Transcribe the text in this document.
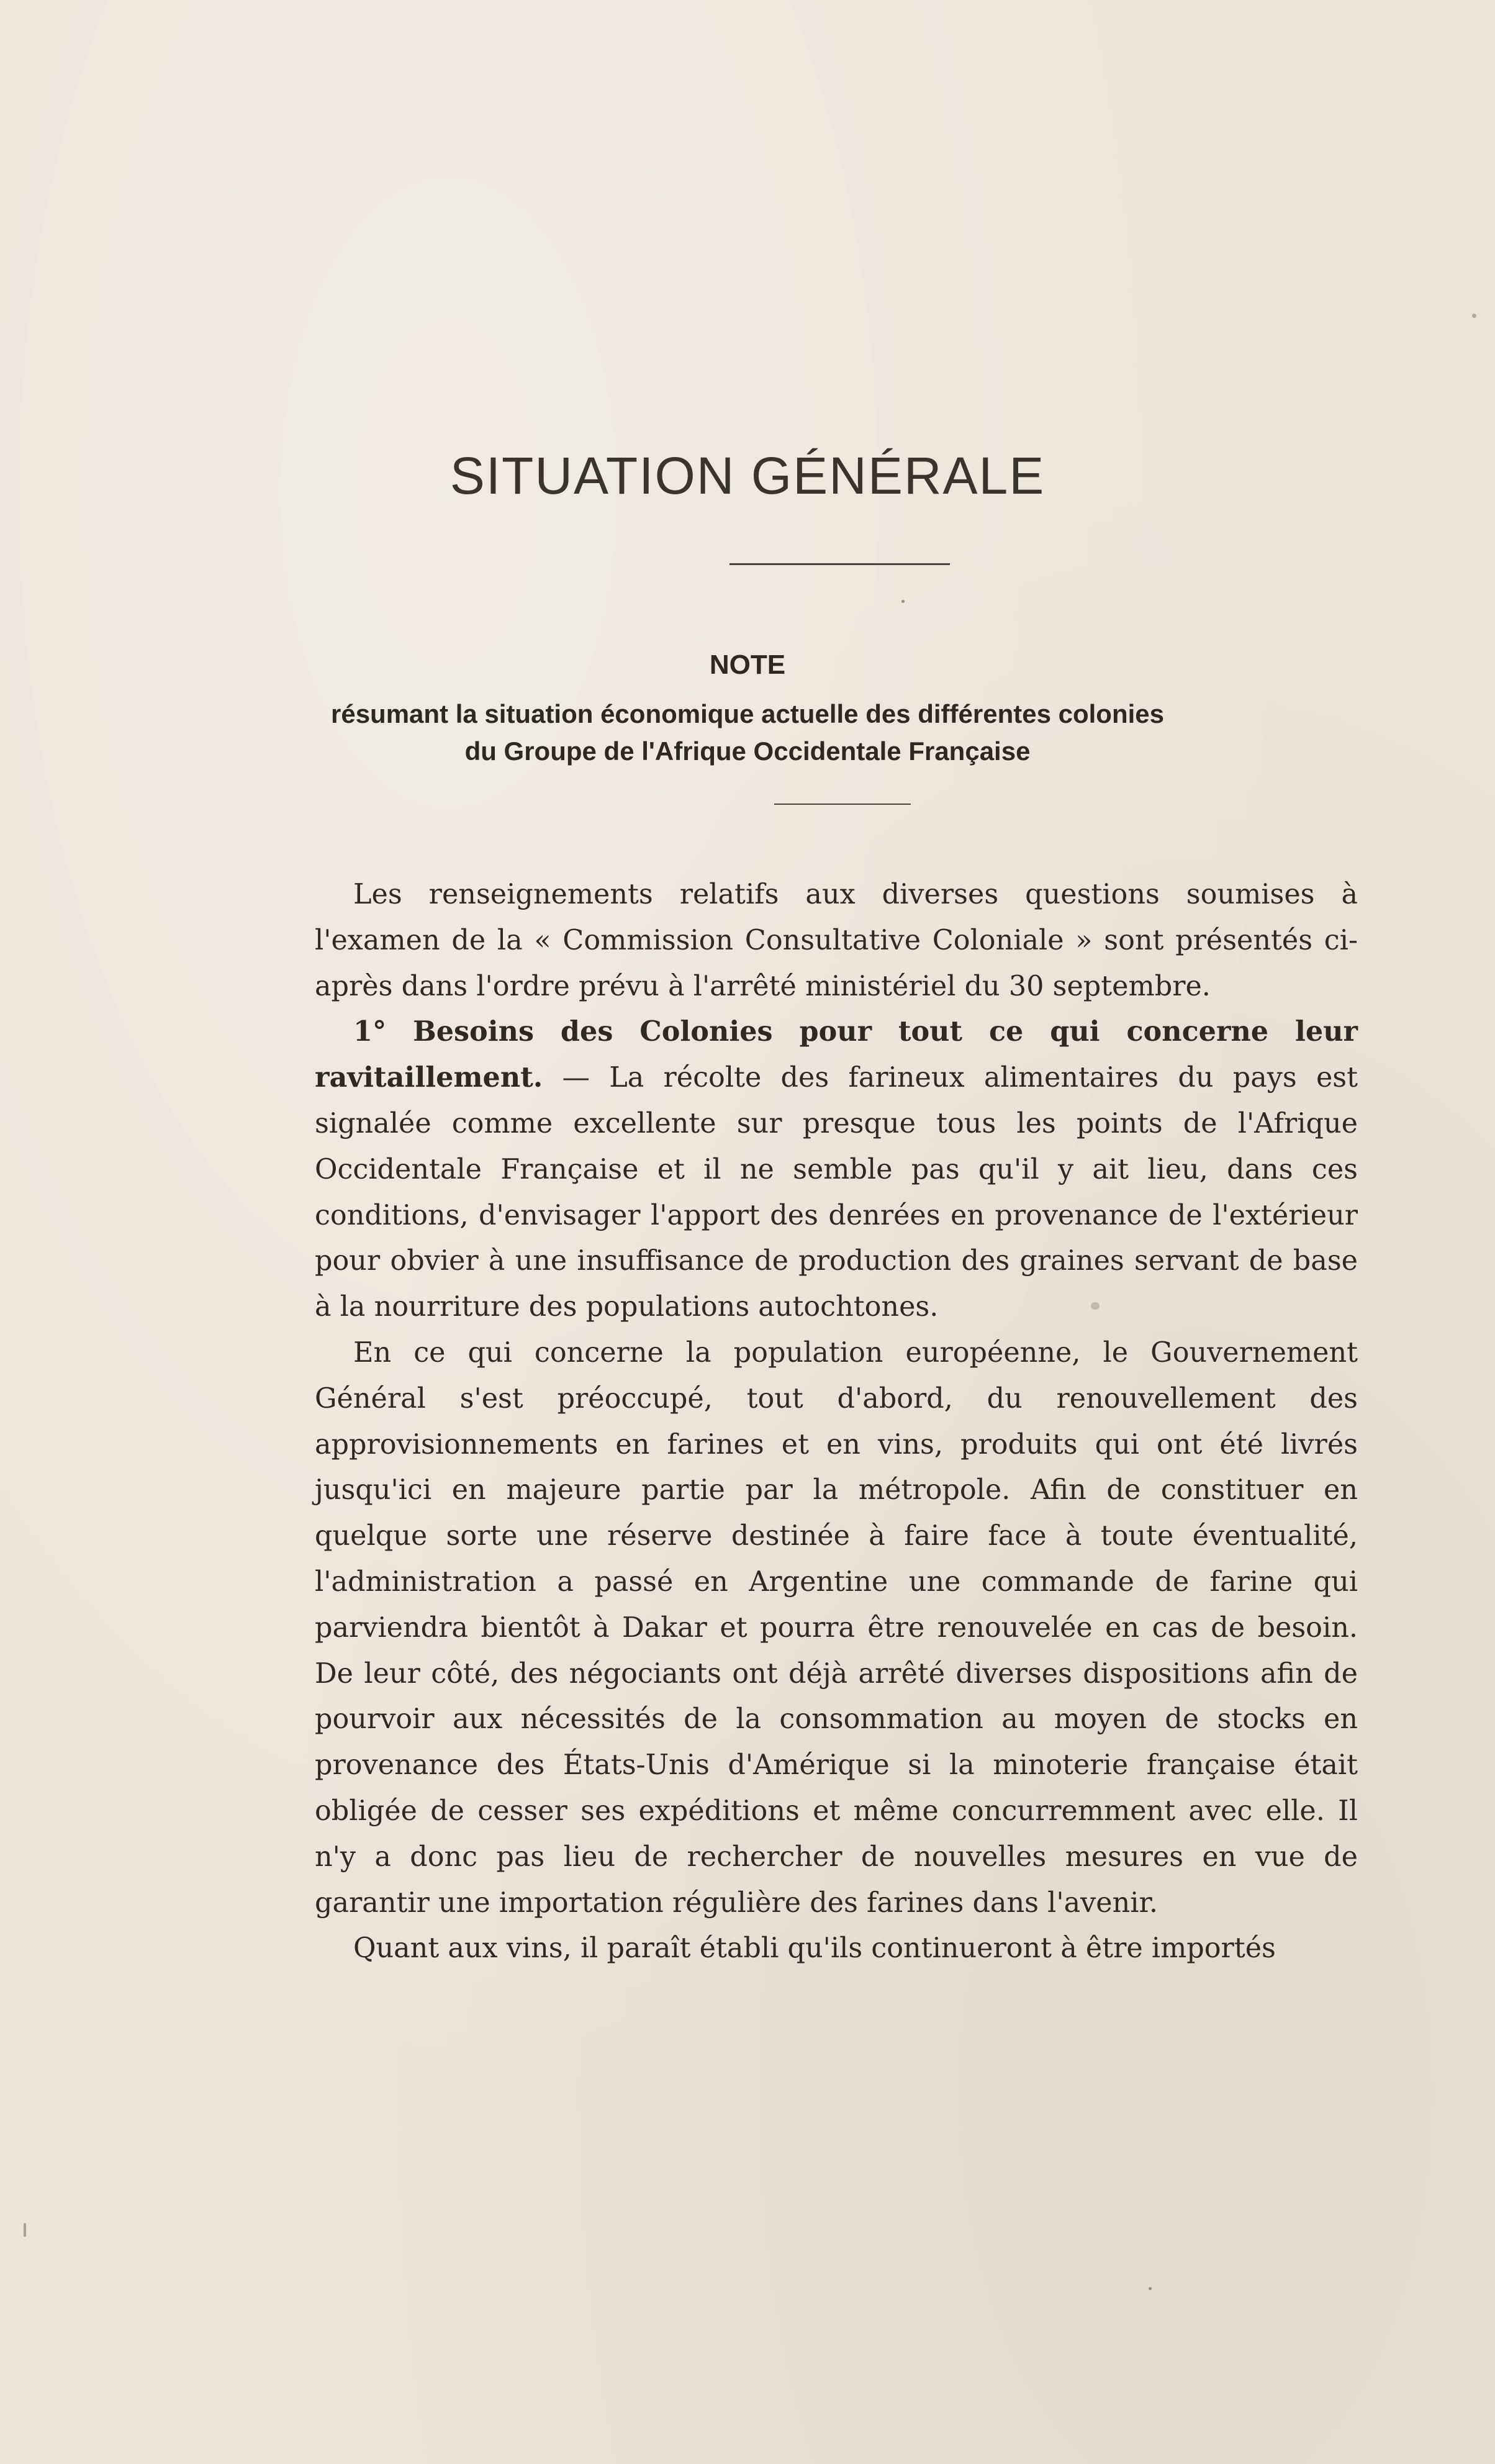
SITUATION GÉNÉRALE
NOTE
résumant la situation économique actuelle des différentes colonies
du Groupe de l'Afrique Occidentale Française

Les renseignements relatifs aux diverses questions soumises à l'examen de la « Commission Consultative Coloniale » sont présentés ci-après dans l'ordre prévu à l'arrêté ministériel du 30 septembre.

1° Besoins des Colonies pour tout ce qui concerne leur ravitaillement. — La récolte des farineux alimentaires du pays est signalée comme excellente sur presque tous les points de l'Afrique Occidentale Française et il ne semble pas qu'il y ait lieu, dans ces conditions, d'envisager l'apport des denrées en provenance de l'extérieur pour obvier à une insuffisance de production des graines servant de base à la nourriture des populations autochtones.

En ce qui concerne la population européenne, le Gouvernement Général s'est préoccupé, tout d'abord, du renouvellement des approvisionnements en farines et en vins, produits qui ont été livrés jusqu'ici en majeure partie par la métropole. Afin de constituer en quelque sorte une réserve destinée à faire face à toute éventualité, l'administration a passé en Argentine une commande de farine qui parviendra bientôt à Dakar et pourra être renouvelée en cas de besoin. De leur côté, des négociants ont déjà arrêté diverses dispositions afin de pourvoir aux nécessités de la consommation au moyen de stocks en provenance des États-Unis d'Amérique si la minoterie française était obligée de cesser ses expéditions et même concurremment avec elle. Il n'y a donc pas lieu de rechercher de nouvelles mesures en vue de garantir une importation régulière des farines dans l'avenir.

Quant aux vins, il paraît établi qu'ils continueront à être importés
